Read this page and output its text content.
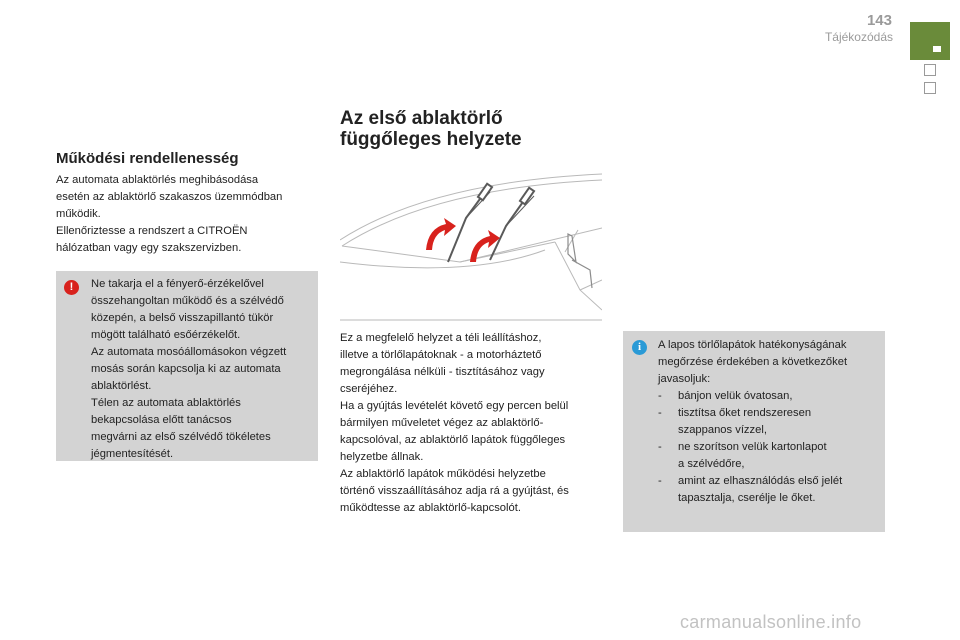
143
Tájékozódás
Működési rendellenesség
Az automata ablaktörlés meghibásodása
esetén az ablaktörlő szakaszos üzemmódban
működik.
Ellenőriztesse a rendszert a CITROËN
hálózatban vagy egy szakszervizben.
!	Ne takarja el a fényerő-érzékelővel
összehangoltan működő és a szélvédő
közepén, a belső visszapillantó tükör
mögött található esőérzékelőt.
Az automata mosóállomásokon végzett
mosás során kapcsolja ki az automata
ablaktörlést.
Télen az automata ablaktörlés
bekapcsolása előtt tanácsos
megvárni az első szélvédő tökéletes
jégmentesítését.
Az első ablaktörlő
függőleges helyzete
Ez a megfelelő helyzet a téli leállításhoz,
illetve a törlőlapátoknak - a motorháztető
megrongálása nélküli - tisztításához vagy
cseréjéhez.
Ha a gyújtás levételét követő egy percen belül
bármilyen műveletet végez az ablaktörlő-
kapcsolóval, az ablaktörlő lapátok függőleges
helyzetbe állnak.
Az ablaktörlő lapátok működési helyzetbe
történő visszaállításához adja rá a gyújtást, és
működtesse az ablaktörlő-kapcsolót.
i	A lapos törlőlapátok hatékonyságának
megőrzése érdekében a következőket
javasoljuk:
- bánjon velük óvatosan,
- tisztítsa őket rendszeresen
szappanos vízzel,
- ne szorítson velük kartonlapot
a szélvédőre,
- amint az elhasználódás első jelét
tapasztalja, cserélje le őket.
carmanualsonline.info
